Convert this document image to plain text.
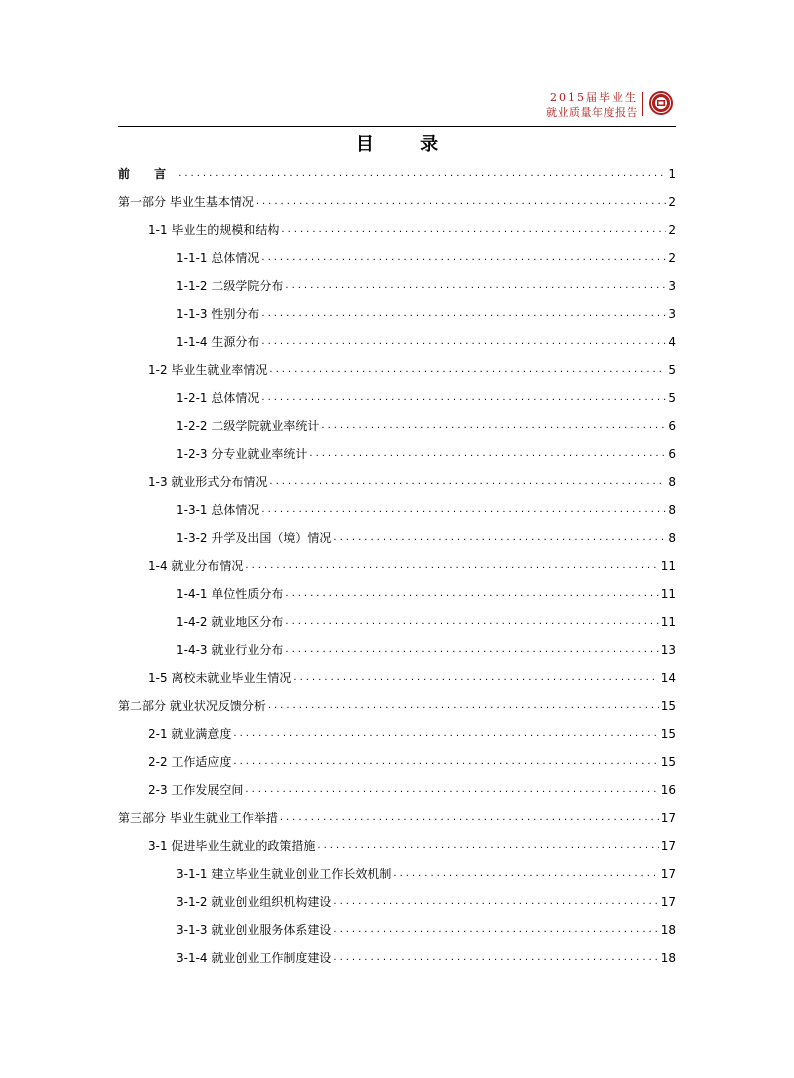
2015届毕业生
就业质量年度报告
目 录
前 言 .....	1
第一部分 毕业生基本情况 .....	2
1-1 毕业生的规模和结构 .....	2
1-1-1 总体情况 .....	2
1-1-2 二级学院分布 .....	3
1-1-3 性别分布 .....	3
1-1-4 生源分布 .....	4
1-2 毕业生就业率情况 .....	5
1-2-1 总体情况 .....	5
1-2-2 二级学院就业率统计 .....	6
1-2-3 分专业就业率统计 .....	6
1-3 就业形式分布情况 .....	8
1-3-1 总体情况 .....	8
1-3-2 升学及出国（境）情况 .....	8
1-4 就业分布情况 .....	11
1-4-1 单位性质分布 .....	11
1-4-2 就业地区分布 .....	11
1-4-3 就业行业分布 .....	13
1-5 离校未就业毕业生情况 .....	14
第二部分 就业状况反馈分析 .....	15
2-1 就业满意度 .....	15
2-2 工作适应度 .....	15
2-3 工作发展空间 .....	16
第三部分 毕业生就业工作举措 .....	17
3-1 促进毕业生就业的政策措施 .....	17
3-1-1 建立毕业生就业创业工作长效机制 .....	17
3-1-2 就业创业组织机构建设 .....	17
3-1-3 就业创业服务体系建设 .....	18
3-1-4 就业创业工作制度建设 .....	18
